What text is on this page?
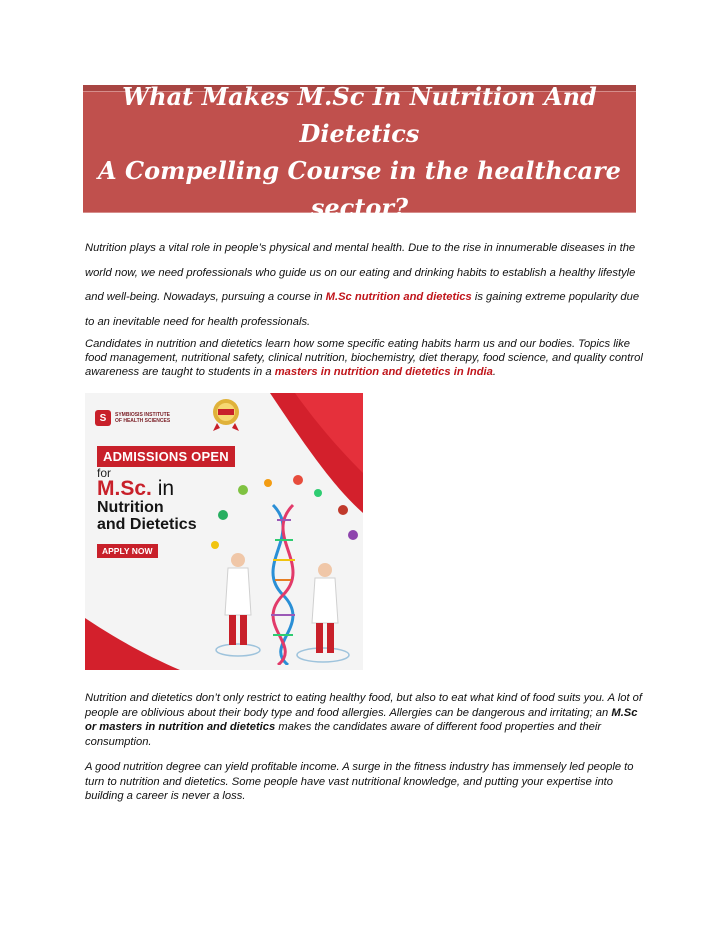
What Makes M.Sc In Nutrition And Dietetics
A Compelling Course in the healthcare
sector?

Nutrition plays a vital role in people’s physical and mental health. Due to the rise in innumerable diseases in the world now, we need professionals who guide us on our eating and drinking habits to establish a healthy lifestyle and well-being. Nowadays, pursuing a course in M.Sc nutrition and dietetics is gaining extreme popularity due to an inevitable need for health professionals.

Candidates in nutrition and dietetics learn how some specific eating habits harm us and our bodies. Topics like food management, nutritional safety, clinical nutrition, biochemistry, diet therapy, food science, and quality control awareness are taught to students in a masters in nutrition and dietetics in India.

S	SYMBIOSIS INSTITUTE OF HEALTH SCIENCES
ADMISSIONS OPEN
for
M.Sc. in
Nutrition
and Dietetics
APPLY NOW

Nutrition and dietetics don’t only restrict to eating healthy food, but also to eat what kind of food suits you. A lot of people are oblivious about their body type and food allergies. Allergies can be dangerous and irritating; an M.Sc or masters in nutrition and dietetics makes the candidates aware of different food properties and their consumption.

A good nutrition degree can yield profitable income. A surge in the fitness industry has immensely led people to turn to nutrition and dietetics. Some people have vast nutritional knowledge, and putting your expertise into building a career is never a loss.
